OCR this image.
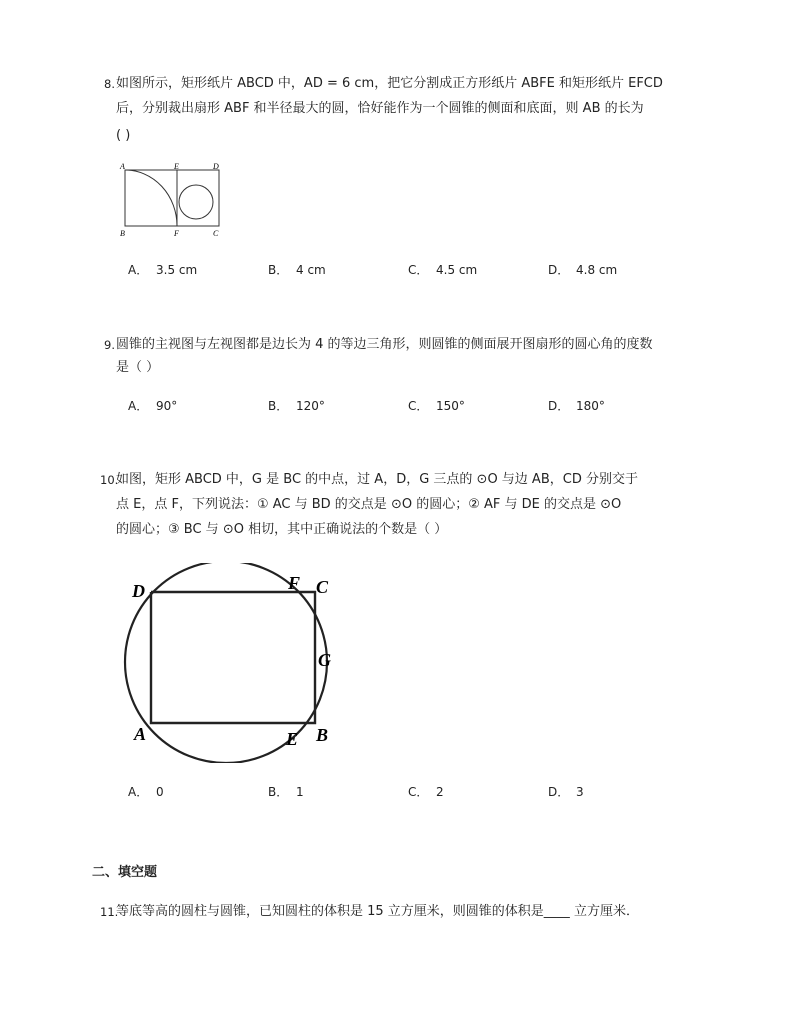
8. 如图所示，矩形纸片 ABCD 中，AD = 6 cm，把它分割成正方形纸片 ABFE 和矩形纸片 EFCD
后，分别裁出扇形 ABF 和半径最大的圆，恰好能作为一个圆锥的侧面和底面，则 AB 的长为
( )
A	E	D
B	F	C
A． 3.5 cm	B． 4 cm	C． 4.5 cm	D． 4.8 cm
9. 圆锥的主视图与左视图都是边长为 4 的等边三角形，则圆锥的侧面展开图扇形的圆心角的度数
是（ ）
A． 90°	B． 120°	C． 150°	D． 180°
10.
如图，矩形 ABCD 中，G 是 BC 的中点，过 A，D，G 三点的 ⊙O 与边 AB，CD 分别交于
点 E，点 F，下列说法：① AC 与 BD 的交点是 ⊙O 的圆心；② AF 与 DE 的交点是 ⊙O
的圆心；③ BC 与 ⊙O 相切，其中正确说法的个数是（ ）
D	F C
G
A	E B
A． 0	B． 1	C． 2	D． 3
二、填空题
11.
等底等高的圆柱与圆锥，已知圆柱的体积是 15 立方厘米，则圆锥的体积是____ 立方厘米．
